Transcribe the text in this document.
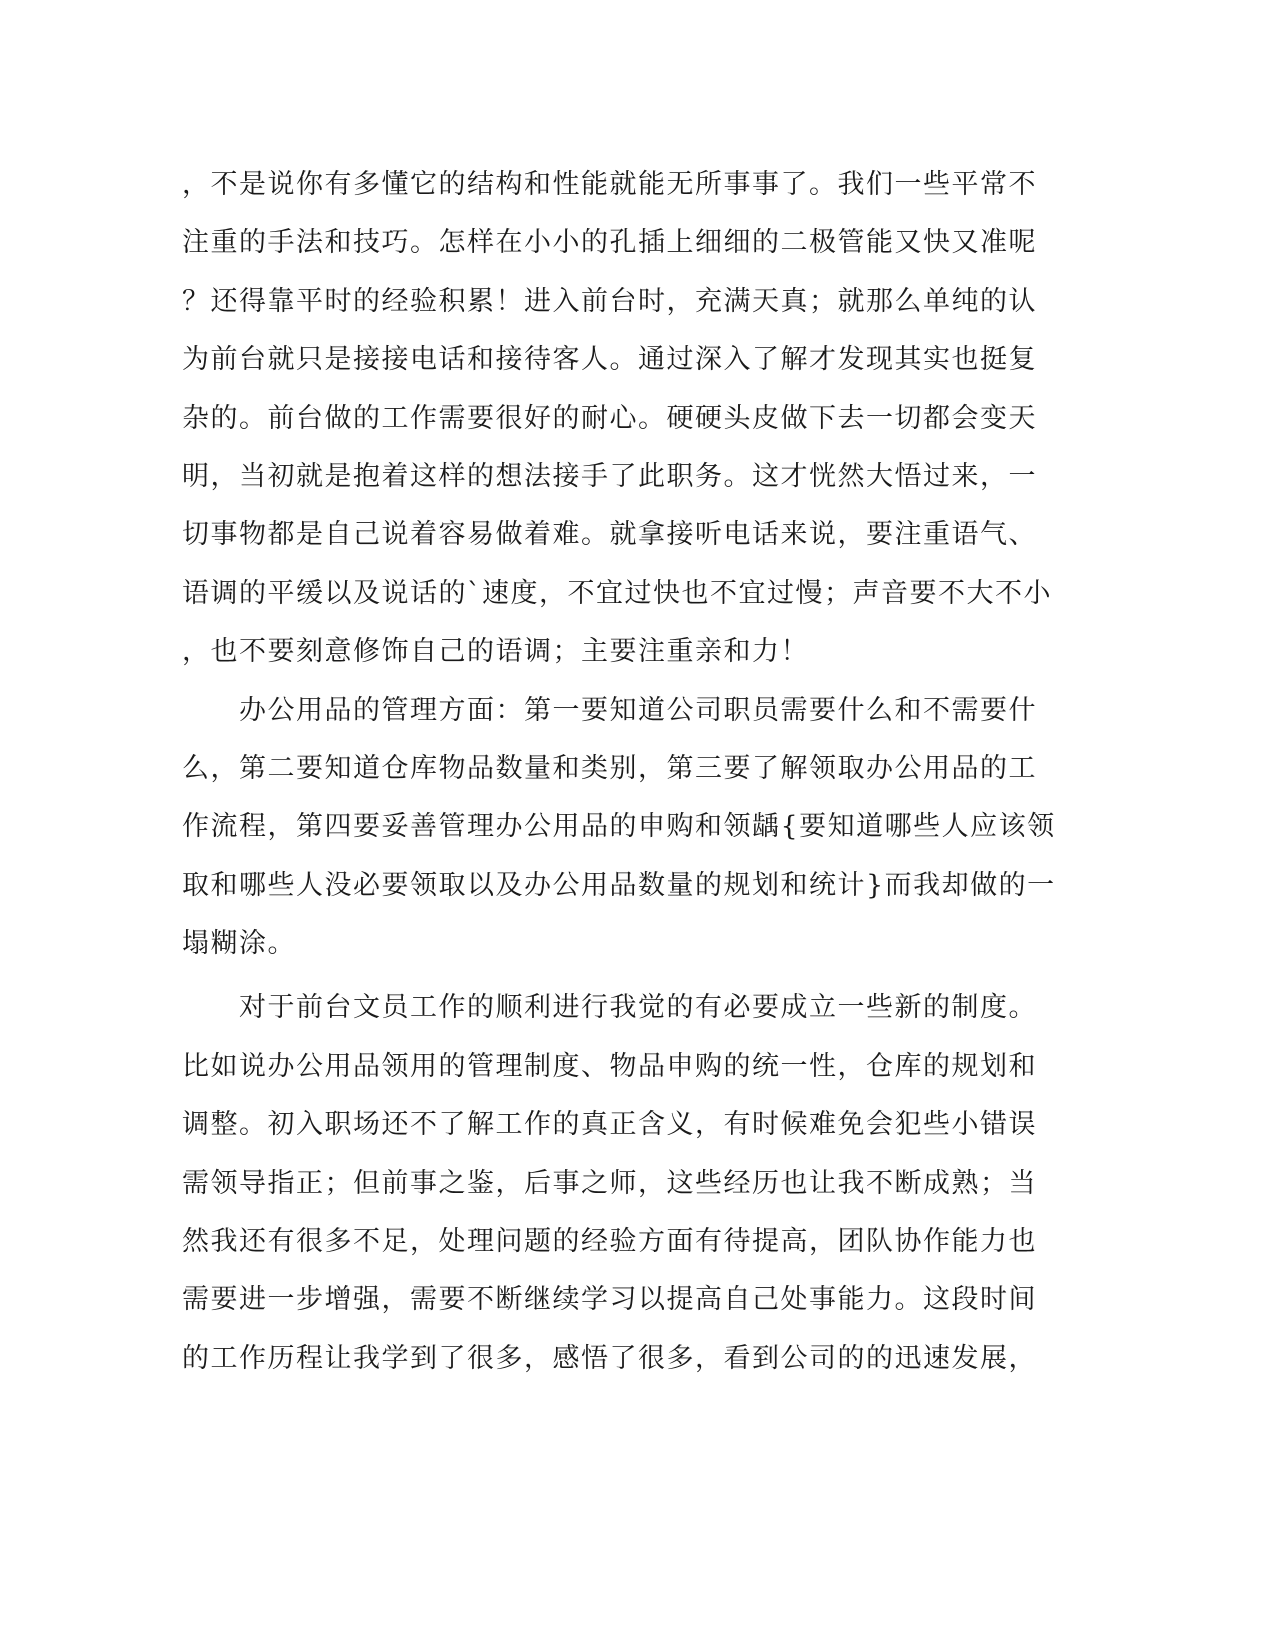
，不是说你有多懂它的结构和性能就能无所事事了。我们一些平常不
注重的手法和技巧。怎样在小小的孔插上细细的二极管能又快又准呢
？还得靠平时的经验积累！进入前台时，充满天真；就那么单纯的认
为前台就只是接接电话和接待客人。通过深入了解才发现其实也挺复
杂的。前台做的工作需要很好的耐心。硬硬头皮做下去一切都会变天
明，当初就是抱着这样的想法接手了此职务。这才恍然大悟过来，一
切事物都是自己说着容易做着难。就拿接听电话来说，要注重语气、
语调的平缓以及说话的`速度，不宜过快也不宜过慢；声音要不大不小
，也不要刻意修饰自己的语调；主要注重亲和力！
　　办公用品的管理方面：第一要知道公司职员需要什么和不需要什
么，第二要知道仓库物品数量和类别，第三要了解领取办公用品的工
作流程，第四要妥善管理办公用品的申购和领龋{要知道哪些人应该领
取和哪些人没必要领取以及办公用品数量的规划和统计}而我却做的一
塌糊涂。
　　对于前台文员工作的顺利进行我觉的有必要成立一些新的制度。
比如说办公用品领用的管理制度、物品申购的统一性，仓库的规划和
调整。初入职场还不了解工作的真正含义，有时候难免会犯些小错误
需领导指正；但前事之鉴，后事之师，这些经历也让我不断成熟；当
然我还有很多不足，处理问题的经验方面有待提高，团队协作能力也
需要进一步增强，需要不断继续学习以提高自己处事能力。这段时间
的工作历程让我学到了很多，感悟了很多，看到公司的的迅速发展，
